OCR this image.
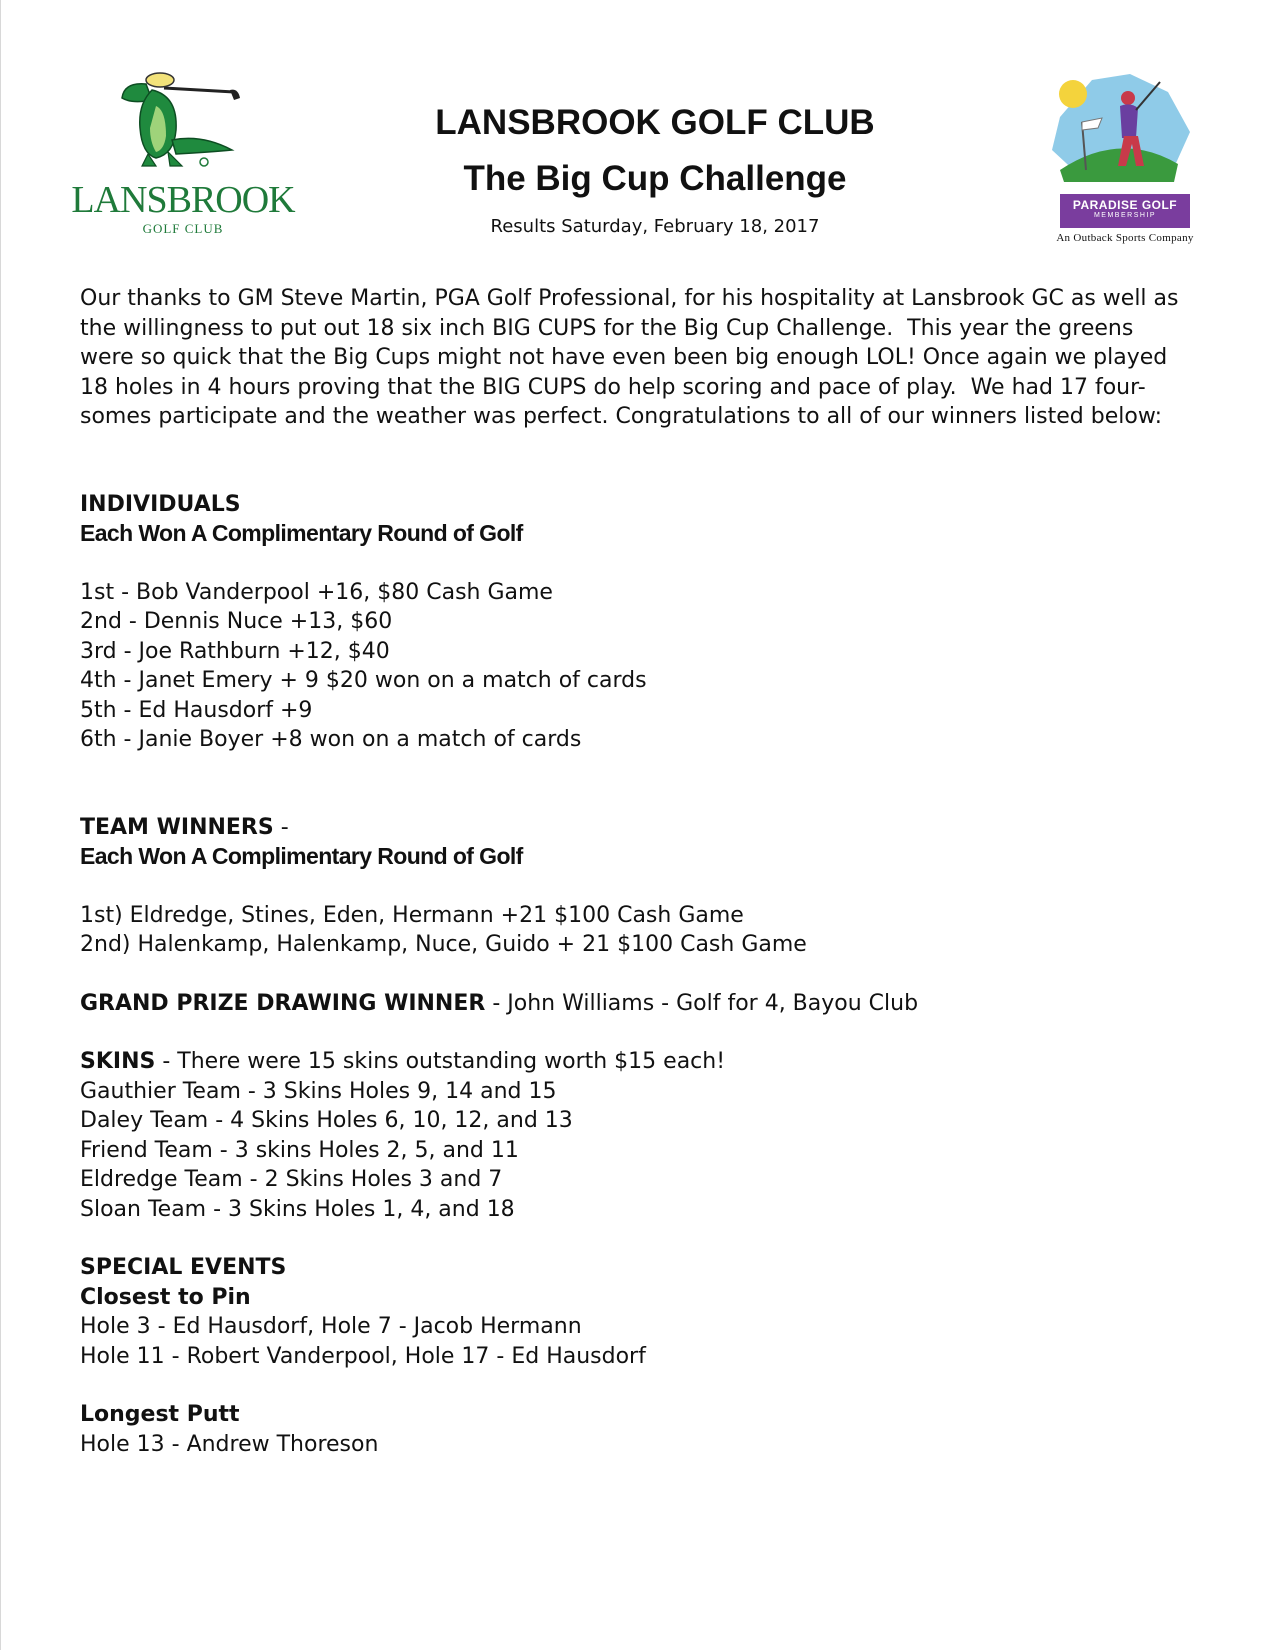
LANSBROOK
GOLF CLUB
LANSBROOK GOLF CLUB
The Big Cup Challenge
Results Saturday, February 18, 2017
PARADISE GOLF
MEMBERSHIP
An Outback Sports Company
Our thanks to GM Steve Martin, PGA Golf Professional, for his hospitality at Lansbrook GC as well as
the willingness to put out 18 six inch BIG CUPS for the Big Cup Challenge.  This year the greens
were so quick that the Big Cups might not have even been big enough LOL! Once again we played
18 holes in 4 hours proving that the BIG CUPS do help scoring and pace of play.  We had 17 four-
somes participate and the weather was perfect. Congratulations to all of our winners listed below:
INDIVIDUALS
Each Won A Complimentary Round of Golf
1st - Bob Vanderpool +16, $80 Cash Game
2nd - Dennis Nuce +13, $60
3rd - Joe Rathburn +12, $40
4th - Janet Emery + 9 $20 won on a match of cards
5th - Ed Hausdorf +9
6th - Janie Boyer +8 won on a match of cards
TEAM WINNERS -
Each Won A Complimentary Round of Golf
1st) Eldredge, Stines, Eden, Hermann +21 $100 Cash Game
2nd) Halenkamp, Halenkamp, Nuce, Guido + 21 $100 Cash Game
GRAND PRIZE DRAWING WINNER - John Williams - Golf for 4, Bayou Club
SKINS - There were 15 skins outstanding worth $15 each!
Gauthier Team - 3 Skins Holes 9, 14 and 15
Daley Team - 4 Skins Holes 6, 10, 12, and 13
Friend Team - 3 skins Holes 2, 5, and 11
Eldredge Team - 2 Skins Holes 3 and 7
Sloan Team - 3 Skins Holes 1, 4, and 18
SPECIAL EVENTS
Closest to Pin
Hole 3 - Ed Hausdorf, Hole 7 - Jacob Hermann
Hole 11 - Robert Vanderpool, Hole 17 - Ed Hausdorf
Longest Putt
Hole 13 - Andrew Thoreson
